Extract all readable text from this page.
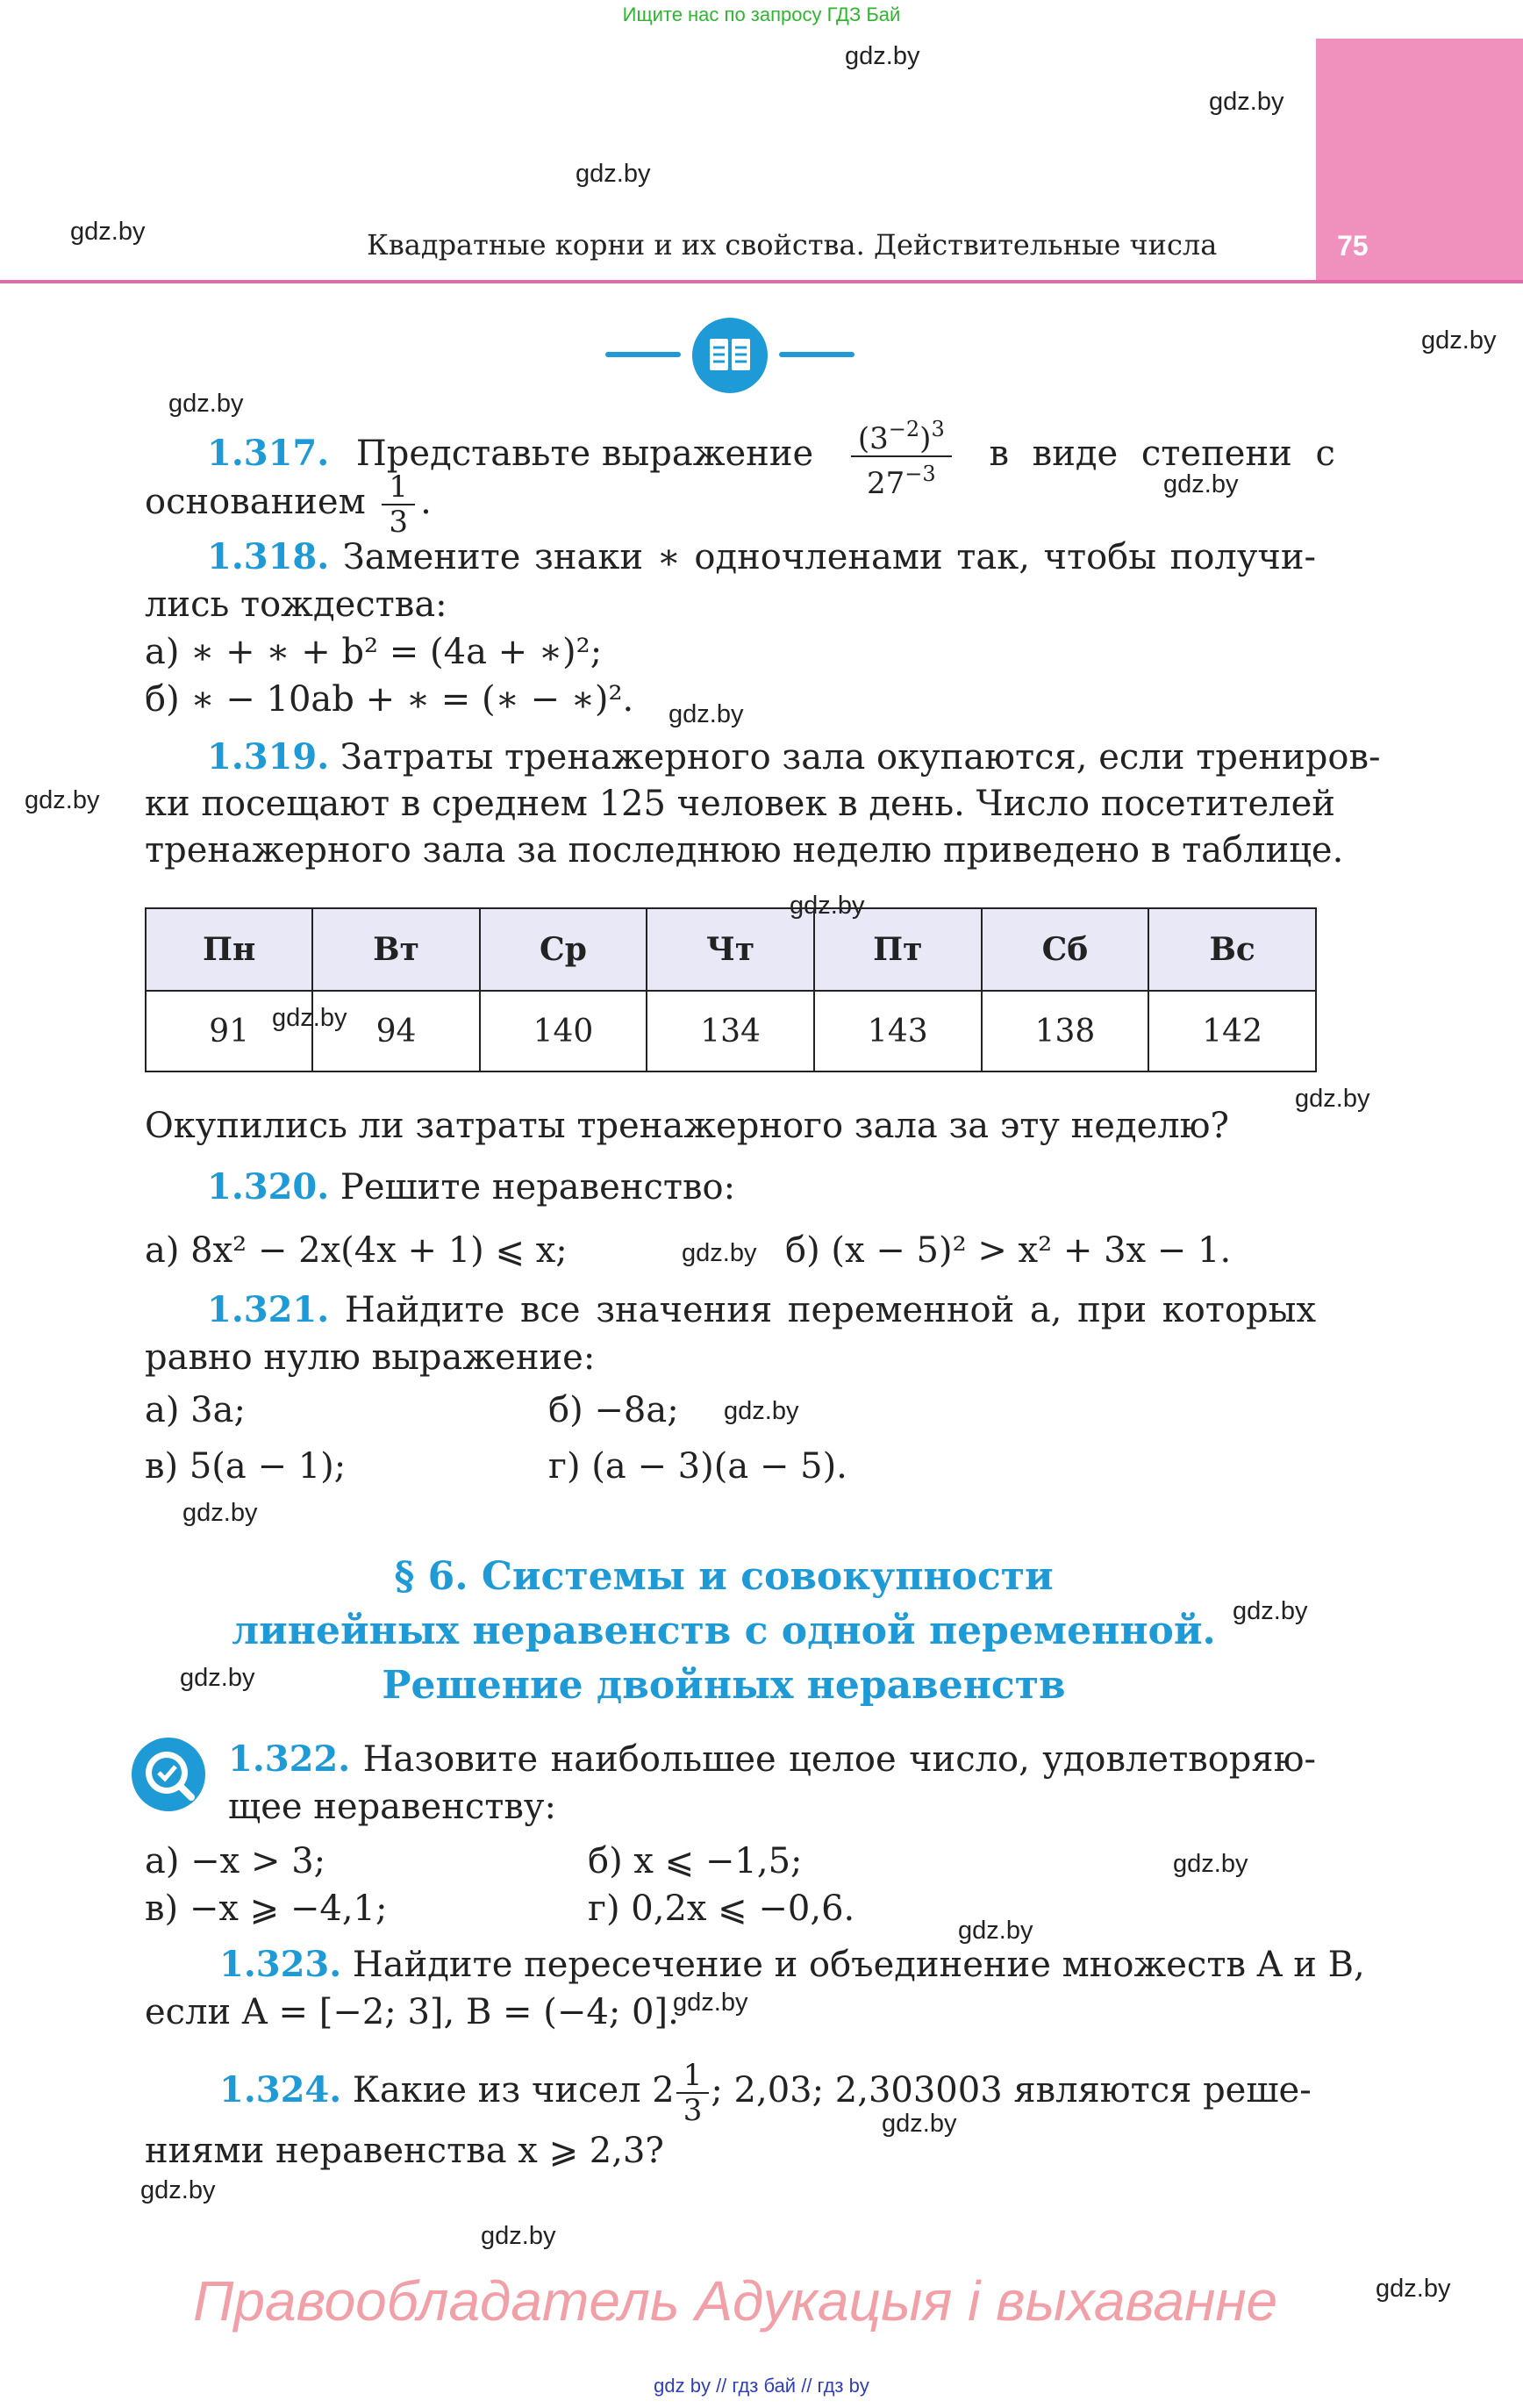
Ищите нас по запросу ГДЗ Бай
75
Квадратные корни и их свойства. Действительные числа
1.317. Представьте выражение $\frac{(3^{-2})^3}{27^{-3}}$ в виде степени с
основанием $\frac{1}{3}$ .
1.318. Замените знаки ∗ одночленами так, чтобы получи-
лись тождества:
а) ∗ + ∗ + b² = (4a + ∗)²;
б) ∗ − 10ab + ∗ = (∗ − ∗)².
1.319. Затраты тренажерного зала окупаются, если трениров-
ки посещают в среднем 125 человек в день. Число посетителей
тренажерного зала за последнюю неделю приведено в таблице.
Пн	Вт	Ср	Чт	Пт	Сб	Вс
91	94	140	134	143	138	142
Окупились ли затраты тренажерного зала за эту неделю?
1.320. Решите неравенство:
а) 8x² − 2x(4x + 1) ⩽ x;	б) (x − 5)² > x² + 3x − 1.
1.321. Найдите все значения переменной a, при которых
равно нулю выражение:
а) 3a;	б) −8a;
в) 5(a − 1);	г) (a − 3)(a − 5).
§ 6. Системы и совокупности
линейных неравенств с одной переменной.
Решение двойных неравенств
1.322. Назовите наибольшее целое число, удовлетворяю-
щее неравенству:
а) −x > 3;	б) x ⩽ −1,5;
в) −x ⩾ −4,1;	г) 0,2x ⩽ −0,6.
1.323. Найдите пересечение и объединение множеств A и B,
если A = [−2; 3], B = (−4; 0].
1.324. Какие из чисел $2 \frac{1}{3}$ ; 2,03; 2,303003 являются реше-
ниями неравенства x ⩾ 2,3?
Правообладатель Адукацыя і выхаванне
gdz by // гдз бай // гдз by
gdz.by
gdz.by
gdz.by
gdz.by
gdz.by
gdz.by
gdz.by
gdz.by
gdz.by
gdz.by
gdz.by
gdz.by
gdz.by
gdz.by
gdz.by
gdz.by
gdz.by
gdz.by
gdz.by
gdz.by
gdz.by
gdz.by
gdz.by
gdz.by
